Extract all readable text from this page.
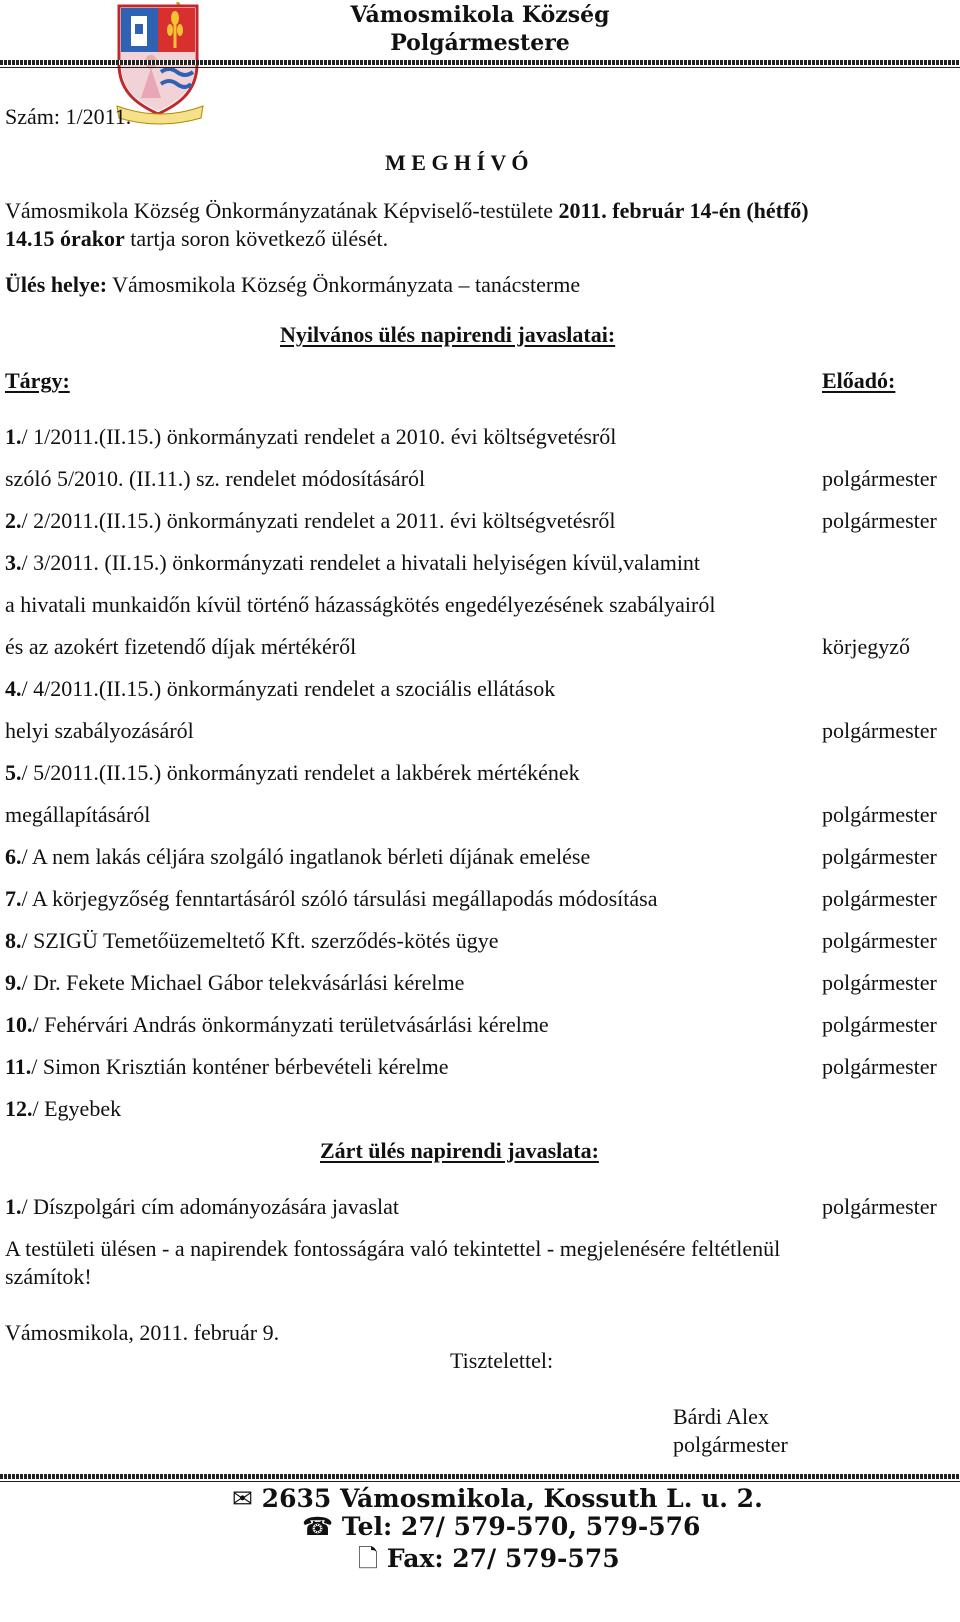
Vámosmikola Község
Polgármestere
Szám: 1/2011.
M E G H Í V Ó
Vámosmikola Község Önkormányzatának Képviselő-testülete 2011. február 14-én (hétfő)
14.15 órakor tartja soron következő ülését.
Ülés helye: Vámosmikola Község Önkormányzata – tanácsterme
Nyilvános ülés napirendi javaslatai:
Tárgy:	Előadó:
1./ 1/2011.(II.15.) önkormányzati rendelet a 2010. évi költségvetésről
szóló 5/2010. (II.11.) sz. rendelet módosításáról	polgármester
2./ 2/2011.(II.15.) önkormányzati rendelet a 2011. évi költségvetésről	polgármester
3./ 3/2011. (II.15.) önkormányzati rendelet a hivatali helyiségen kívül,valamint
a hivatali munkaidőn kívül történő házasságkötés engedélyezésének szabályairól
és az azokért fizetendő díjak mértékéről	körjegyző
4./ 4/2011.(II.15.) önkormányzati rendelet a szociális ellátások
helyi szabályozásáról	polgármester
5./ 5/2011.(II.15.) önkormányzati rendelet a lakbérek mértékének
megállapításáról	polgármester
6./ A nem lakás céljára szolgáló ingatlanok bérleti díjának emelése	polgármester
7./ A körjegyzőség fenntartásáról szóló társulási megállapodás módosítása	polgármester
8./ SZIGÜ Temetőüzemeltető Kft. szerződés-kötés ügye	polgármester
9./ Dr. Fekete Michael Gábor telekvásárlási kérelme	polgármester
10./ Fehérvári András önkormányzati területvásárlási kérelme	polgármester
11./ Simon Krisztián konténer bérbevételi kérelme	polgármester
12./ Egyebek
Zárt ülés napirendi javaslata:
1./ Díszpolgári cím adományozására javaslat	polgármester
A testületi ülésen - a napirendek fontosságára való tekintettel - megjelenésére feltétlenül
számítok!
Vámosmikola, 2011. február 9.
Tisztelettel:
Bárdi Alex
polgármester
✉ 2635 Vámosmikola, Kossuth L. u. 2.
☎ Tel: 27/ 579-570, 579-576
🗋 Fax: 27/ 579-575
